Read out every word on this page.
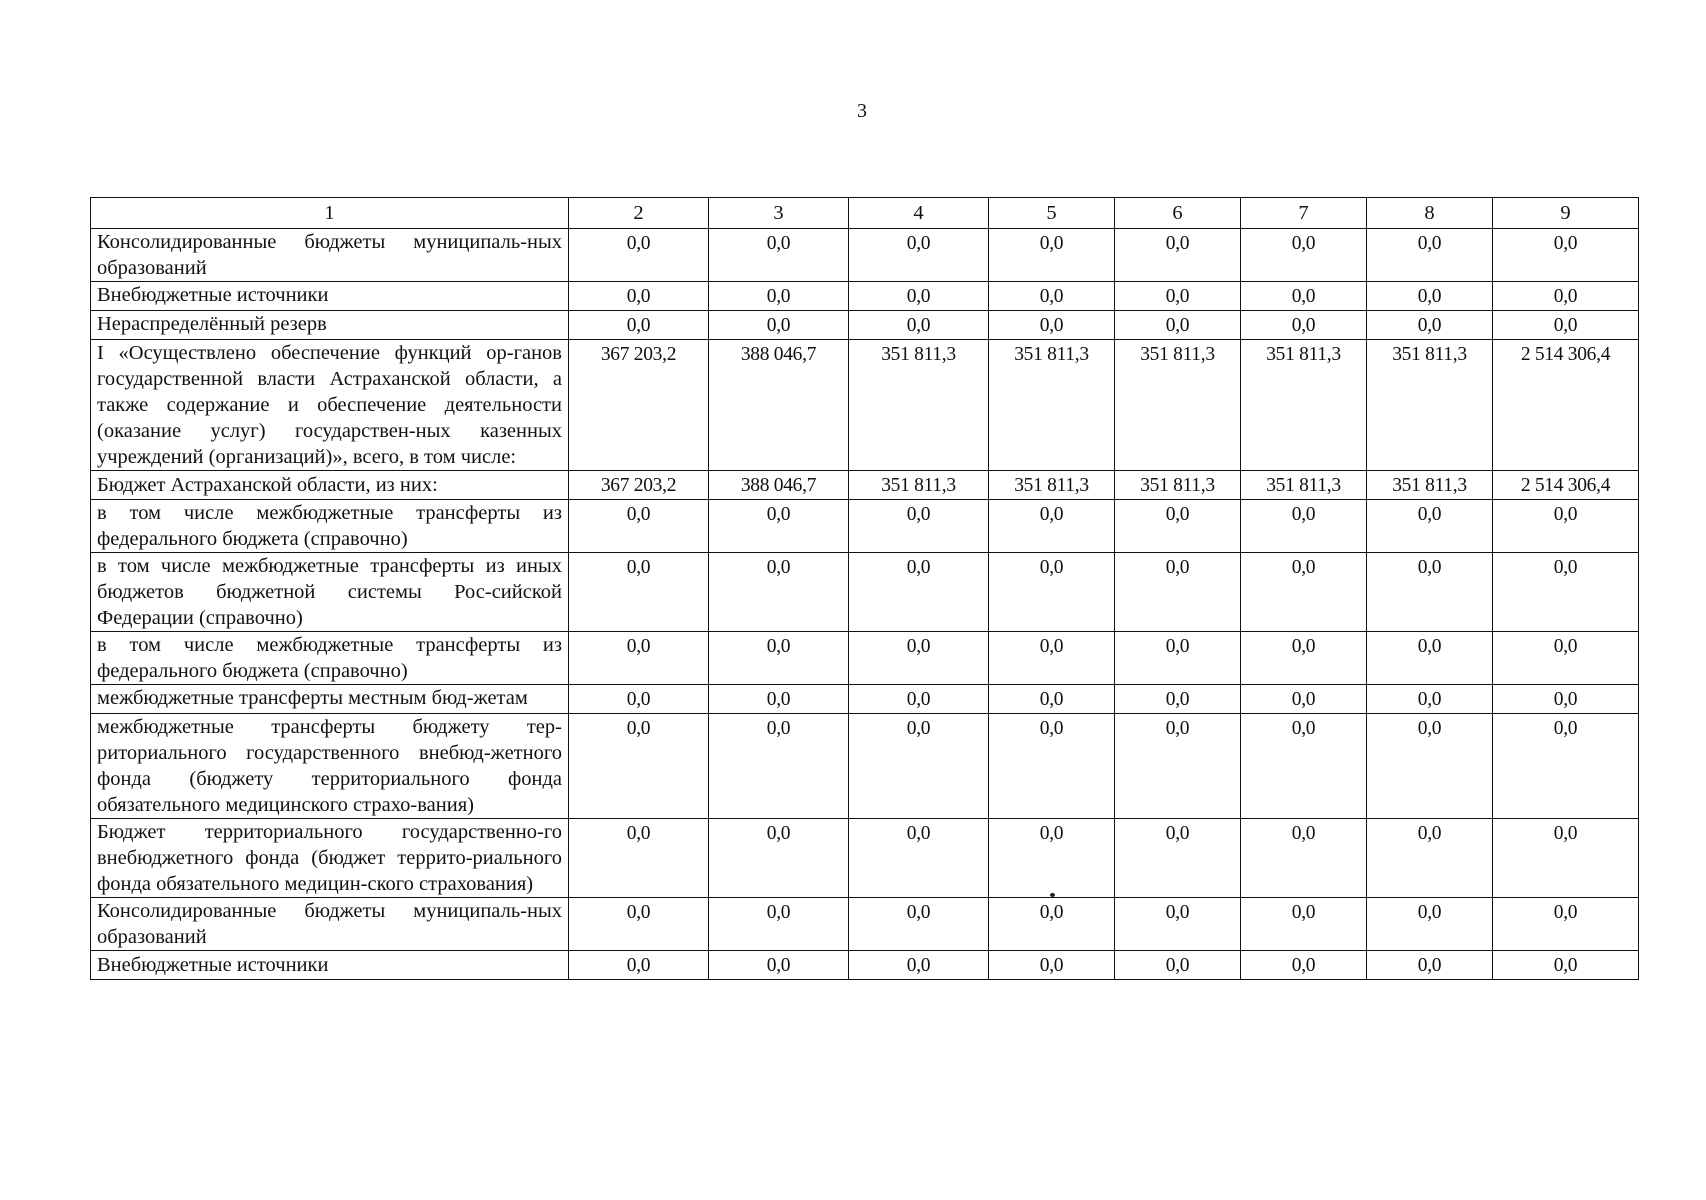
3
1	2	3	4	5	6	7	8	9
Консолидированные бюджеты муниципаль-ных образований	0,0	0,0	0,0	0,0	0,0	0,0	0,0	0,0
Внебюджетные источники	0,0	0,0	0,0	0,0	0,0	0,0	0,0	0,0
Нераспределённый резерв	0,0	0,0	0,0	0,0	0,0	0,0	0,0	0,0
I «Осуществлено обеспечение функций ор-ганов государственной власти Астраханской области, а также содержание и обеспечение деятельности (оказание услуг) государствен-ных казенных учреждений (организаций)», всего, в том числе:	367 203,2	388 046,7	351 811,3	351 811,3	351 811,3	351 811,3	351 811,3	2 514 306,4
Бюджет Астраханской области, из них:	367 203,2	388 046,7	351 811,3	351 811,3	351 811,3	351 811,3	351 811,3	2 514 306,4
в том числе межбюджетные трансферты из федерального бюджета (справочно)	0,0	0,0	0,0	0,0	0,0	0,0	0,0	0,0
в том числе межбюджетные трансферты из иных бюджетов бюджетной системы Рос-сийской Федерации (справочно)	0,0	0,0	0,0	0,0	0,0	0,0	0,0	0,0
в том числе межбюджетные трансферты из федерального бюджета (справочно)	0,0	0,0	0,0	0,0	0,0	0,0	0,0	0,0
межбюджетные трансферты местным бюд-жетам	0,0	0,0	0,0	0,0	0,0	0,0	0,0	0,0
межбюджетные трансферты бюджету тер-риториального государственного внебюд-жетного фонда (бюджету территориального фонда обязательного медицинского страхо-вания)	0,0	0,0	0,0	0,0	0,0	0,0	0,0	0,0
Бюджет территориального государственно-го внебюджетного фонда (бюджет террито-риального фонда обязательного медицин-ского страхования)	0,0	0,0	0,0	0,0	0,0	0,0	0,0	0,0
Консолидированные бюджеты муниципаль-ных образований	0,0	0,0	0,0	0,0	0,0	0,0	0,0	0,0
Внебюджетные источники	0,0	0,0	0,0	0,0	0,0	0,0	0,0	0,0
